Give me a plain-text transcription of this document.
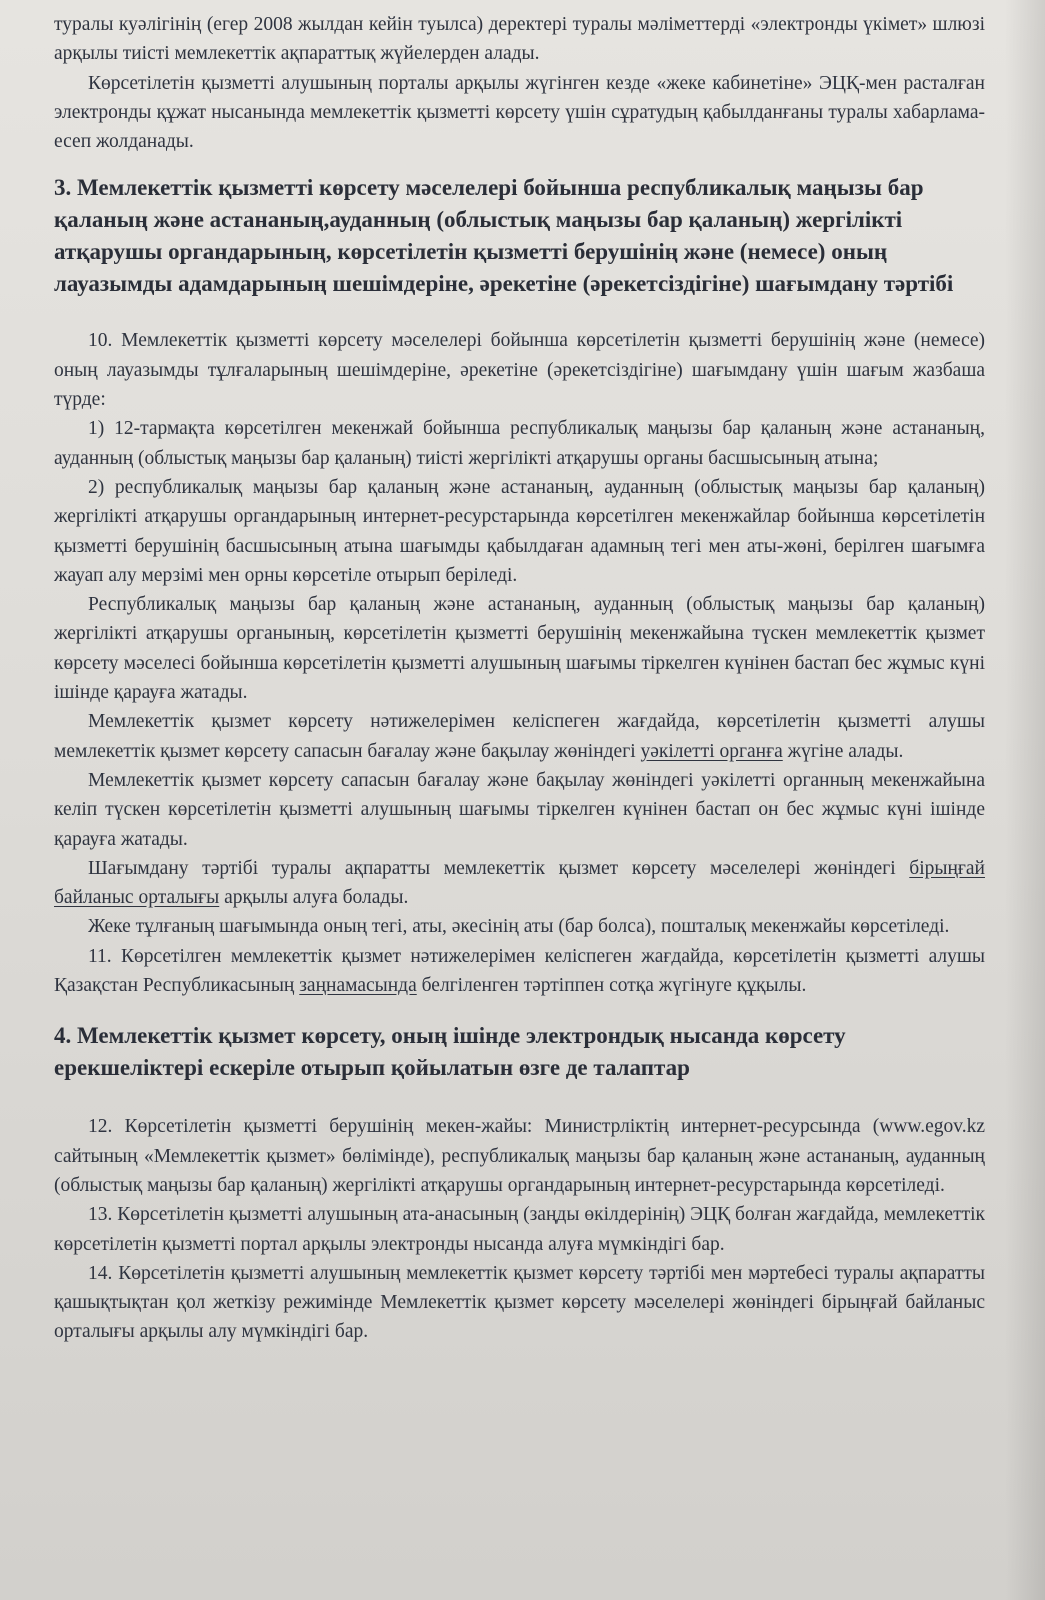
туралы куәлігінің (егер 2008 жылдан кейін туылса) деректері туралы мәліметтерді «электронды үкімет» шлюзі арқылы тиісті мемлекеттік ақпараттық жүйелерден алады.

Көрсетілетін қызметті алушының порталы арқылы жүгінген кезде «жеке кабинетіне» ЭЦҚ-мен расталған электронды құжат нысанында мемлекеттік қызметті көрсету үшін сұратудың қабылданғаны туралы хабарлама-есеп жолданады.

3. Мемлекеттік қызметті көрсету мәселелері бойынша республикалық маңызы бар қаланың және астананың,ауданның (облыстық маңызы бар қаланың) жергілікті атқарушы органдарының, көрсетілетін қызметті берушінің және (немесе) оның лауазымды адамдарының шешімдеріне, әрекетіне (әрекетсіздігіне) шағымдану тәртібі

10. Мемлекеттік қызметті көрсету мәселелері бойынша көрсетілетін қызметті берушінің және (немесе) оның лауазымды тұлғаларының шешімдеріне, әрекетіне (әрекетсіздігіне) шағымдану үшін шағым жазбаша түрде:

1) 12-тармақта көрсетілген мекенжай бойынша республикалық маңызы бар қаланың және астананың, ауданның (облыстық маңызы бар қаланың) тиісті жергілікті атқарушы органы басшысының атына;

2) республикалық маңызы бар қаланың және астананың, ауданның (облыстық маңызы бар қаланың) жергілікті атқарушы органдарының интернет-ресурстарында көрсетілген мекенжайлар бойынша көрсетілетін қызметті берушінің басшысының атына шағымды қабылдаған адамның тегі мен аты-жөні, берілген шағымға жауап алу мерзімі мен орны көрсетіле отырып беріледі.

Республикалық маңызы бар қаланың және астананың, ауданның (облыстық маңызы бар қаланың) жергілікті атқарушы органының, көрсетілетін қызметті берушінің мекенжайына түскен мемлекеттік қызмет көрсету мәселесі бойынша көрсетілетін қызметті алушының шағымы тіркелген күнінен бастап бес жұмыс күні ішінде қарауға жатады.

Мемлекеттік қызмет көрсету нәтижелерімен келіспеген жағдайда, көрсетілетін қызметті алушы мемлекеттік қызмет көрсету сапасын бағалау және бақылау жөніндегі уәкілетті органға жүгіне алады.

Мемлекеттік қызмет көрсету сапасын бағалау және бақылау жөніндегі уәкілетті органның мекенжайына келіп түскен көрсетілетін қызметті алушының шағымы тіркелген күнінен бастап он бес жұмыс күні ішінде қарауға жатады.

Шағымдану тәртібі туралы ақпаратты мемлекеттік қызмет көрсету мәселелері жөніндегі бірыңғай байланыс орталығы арқылы алуға болады.

Жеке тұлғаның шағымында оның тегі, аты, әкесінің аты (бар болса), пошталық мекенжайы көрсетіледі.

11. Көрсетілген мемлекеттік қызмет нәтижелерімен келіспеген жағдайда, көрсетілетін қызметті алушы Қазақстан Республикасының заңнамасында белгіленген тәртіппен сотқа жүгінуге құқылы.

4. Мемлекеттік қызмет көрсету, оның ішінде электрондық нысанда көрсету ерекшеліктері ескеріле отырып қойылатын өзге де талаптар

12. Көрсетілетін қызметті берушінің мекен-жайы: Министрліктің интернет-ресурсында (www.egov.kz сайтының «Мемлекеттік қызмет» бөлімінде), республикалық маңызы бар қаланың және астананың, ауданның (облыстық маңызы бар қаланың) жергілікті атқарушы органдарының интернет-ресурстарында көрсетіледі.

13. Көрсетілетін қызметті алушының ата-анасының (заңды өкілдерінің) ЭЦҚ болған жағдайда, мемлекеттік көрсетілетін қызметті портал арқылы электронды нысанда алуға мүмкіндігі бар.

14. Көрсетілетін қызметті алушының мемлекеттік қызмет көрсету тәртібі мен мәртебесі туралы ақпаратты қашықтықтан қол жеткізу режимінде Мемлекеттік қызмет көрсету мәселелері жөніндегі бірыңғай байланыс орталығы арқылы алу мүмкіндігі бар.
